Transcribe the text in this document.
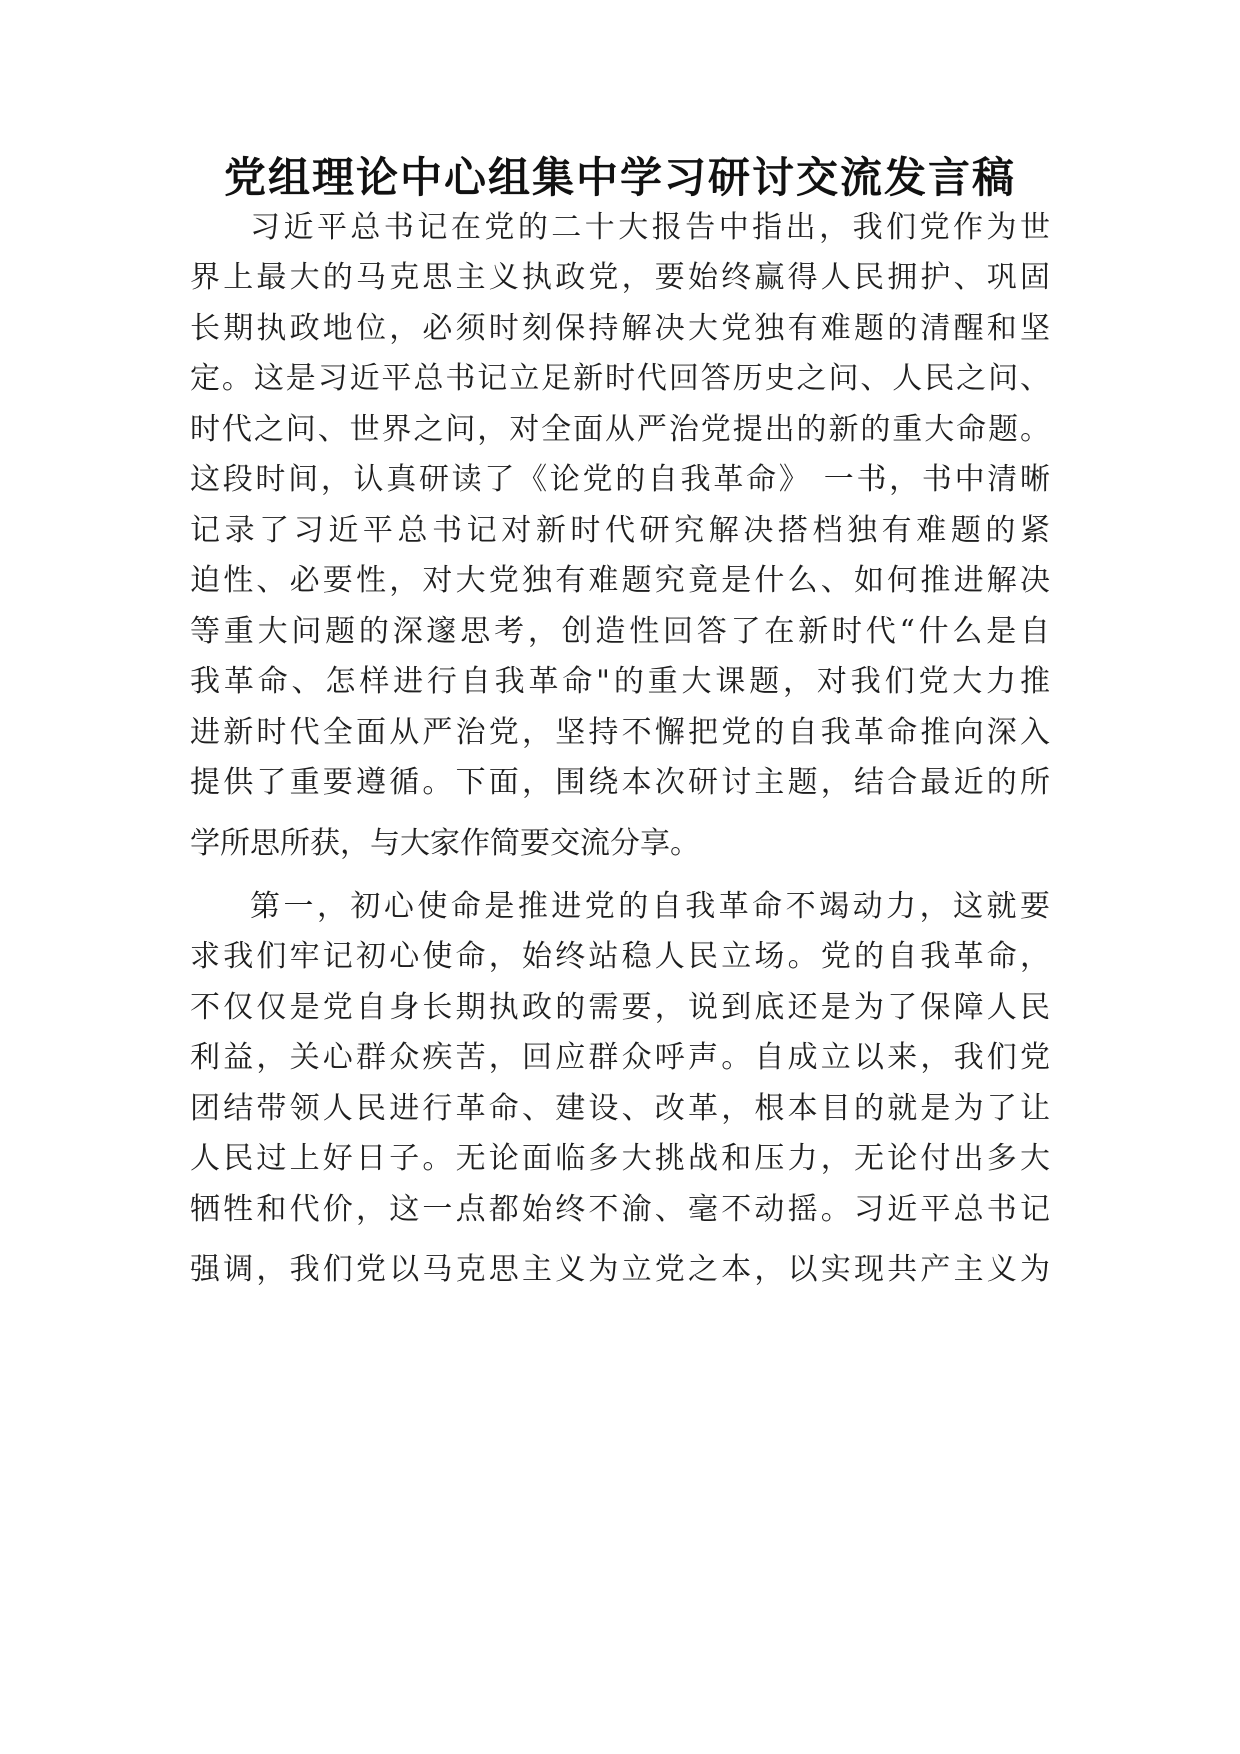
党组理论中心组集中学习研讨交流发言稿
习近平总书记在党的二十大报告中指出，我们党作为世
界上最大的马克思主义执政党，要始终赢得人民拥护、巩固
长期执政地位，必须时刻保持解决大党独有难题的清醒和坚
定。这是习近平总书记立足新时代回答历史之问、人民之问、
时代之问、世界之问，对全面从严治党提出的新的重大命题。
这段时间，认真研读了《论党的自我革命》 一书，书中清晰
记录了习近平总书记对新时代研究解决搭档独有难题的紧
迫性、必要性，对大党独有难题究竟是什么、如何推进解决
等重大问题的深邃思考，创造性回答了在新时代“什么是自
我革命、怎样进行自我革命"的重大课题，对我们党大力推
进新时代全面从严治党，坚持不懈把党的自我革命推向深入
提供了重要遵循。下面，围绕本次研讨主题，结合最近的所
学所思所获，与大家作简要交流分享。
第一，初心使命是推进党的自我革命不竭动力，这就要
求我们牢记初心使命，始终站稳人民立场。党的自我革命，
不仅仅是党自身长期执政的需要，说到底还是为了保障人民
利益，关心群众疾苦，回应群众呼声。自成立以来，我们党
团结带领人民进行革命、建设、改革，根本目的就是为了让
人民过上好日子。无论面临多大挑战和压力，无论付出多大
牺牲和代价，这一点都始终不渝、毫不动摇。习近平总书记
强调，我们党以马克思主义为立党之本，以实现共产主义为
